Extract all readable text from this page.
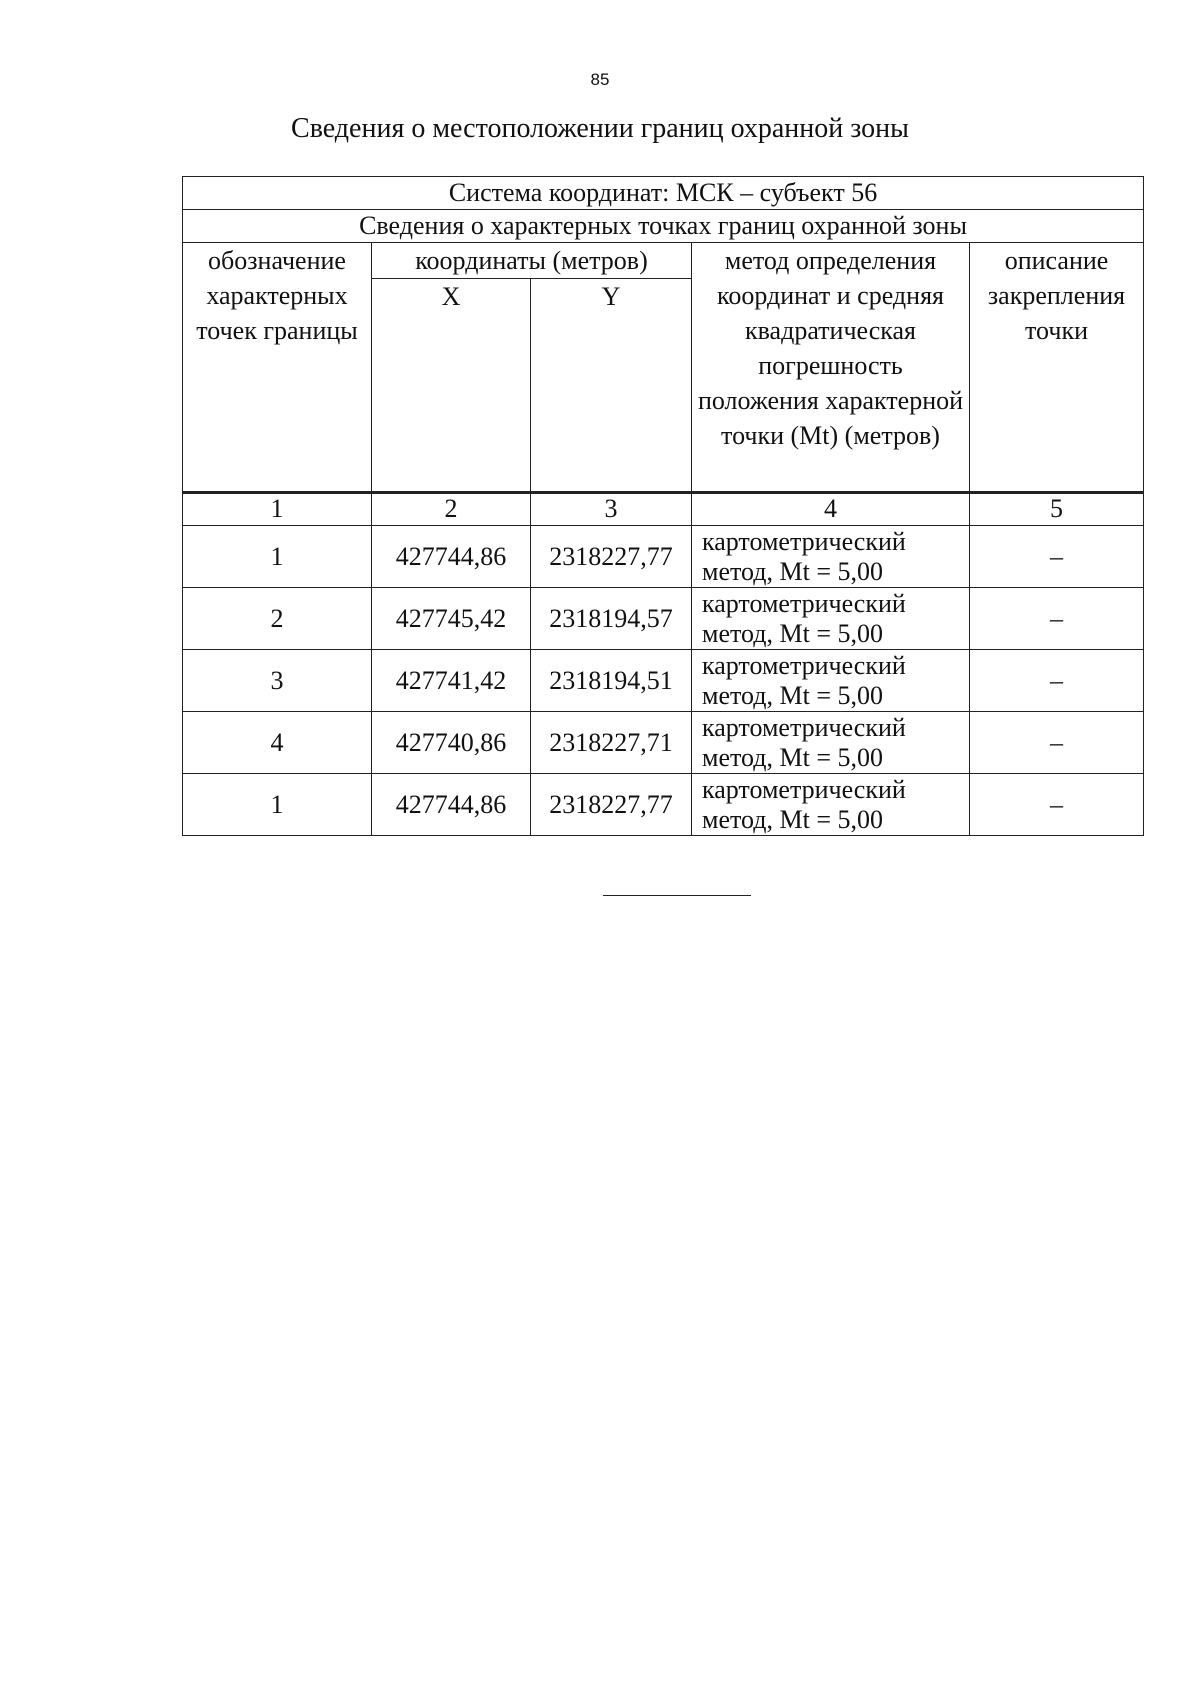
85
Сведения о местоположении границ охранной зоны
Система координат: МСК – субъект 56				
Сведения о характерных точках границ охранной зоны				
обозначение характерных точек границы	координаты (метров)		метод определения координат и средняя квадратическая погрешность положения характерной точки (Mt) (метров)	описание закрепления точки
	X	Y		
1	2	3	4	5
1	427744,86	2318227,77	картометрический метод, Mt = 5,00	–
2	427745,42	2318194,57	картометрический метод, Mt = 5,00	–
3	427741,42	2318194,51	картометрический метод, Mt = 5,00	–
4	427740,86	2318227,71	картометрический метод, Mt = 5,00	–
1	427744,86	2318227,77	картометрический метод, Mt = 5,00	–
